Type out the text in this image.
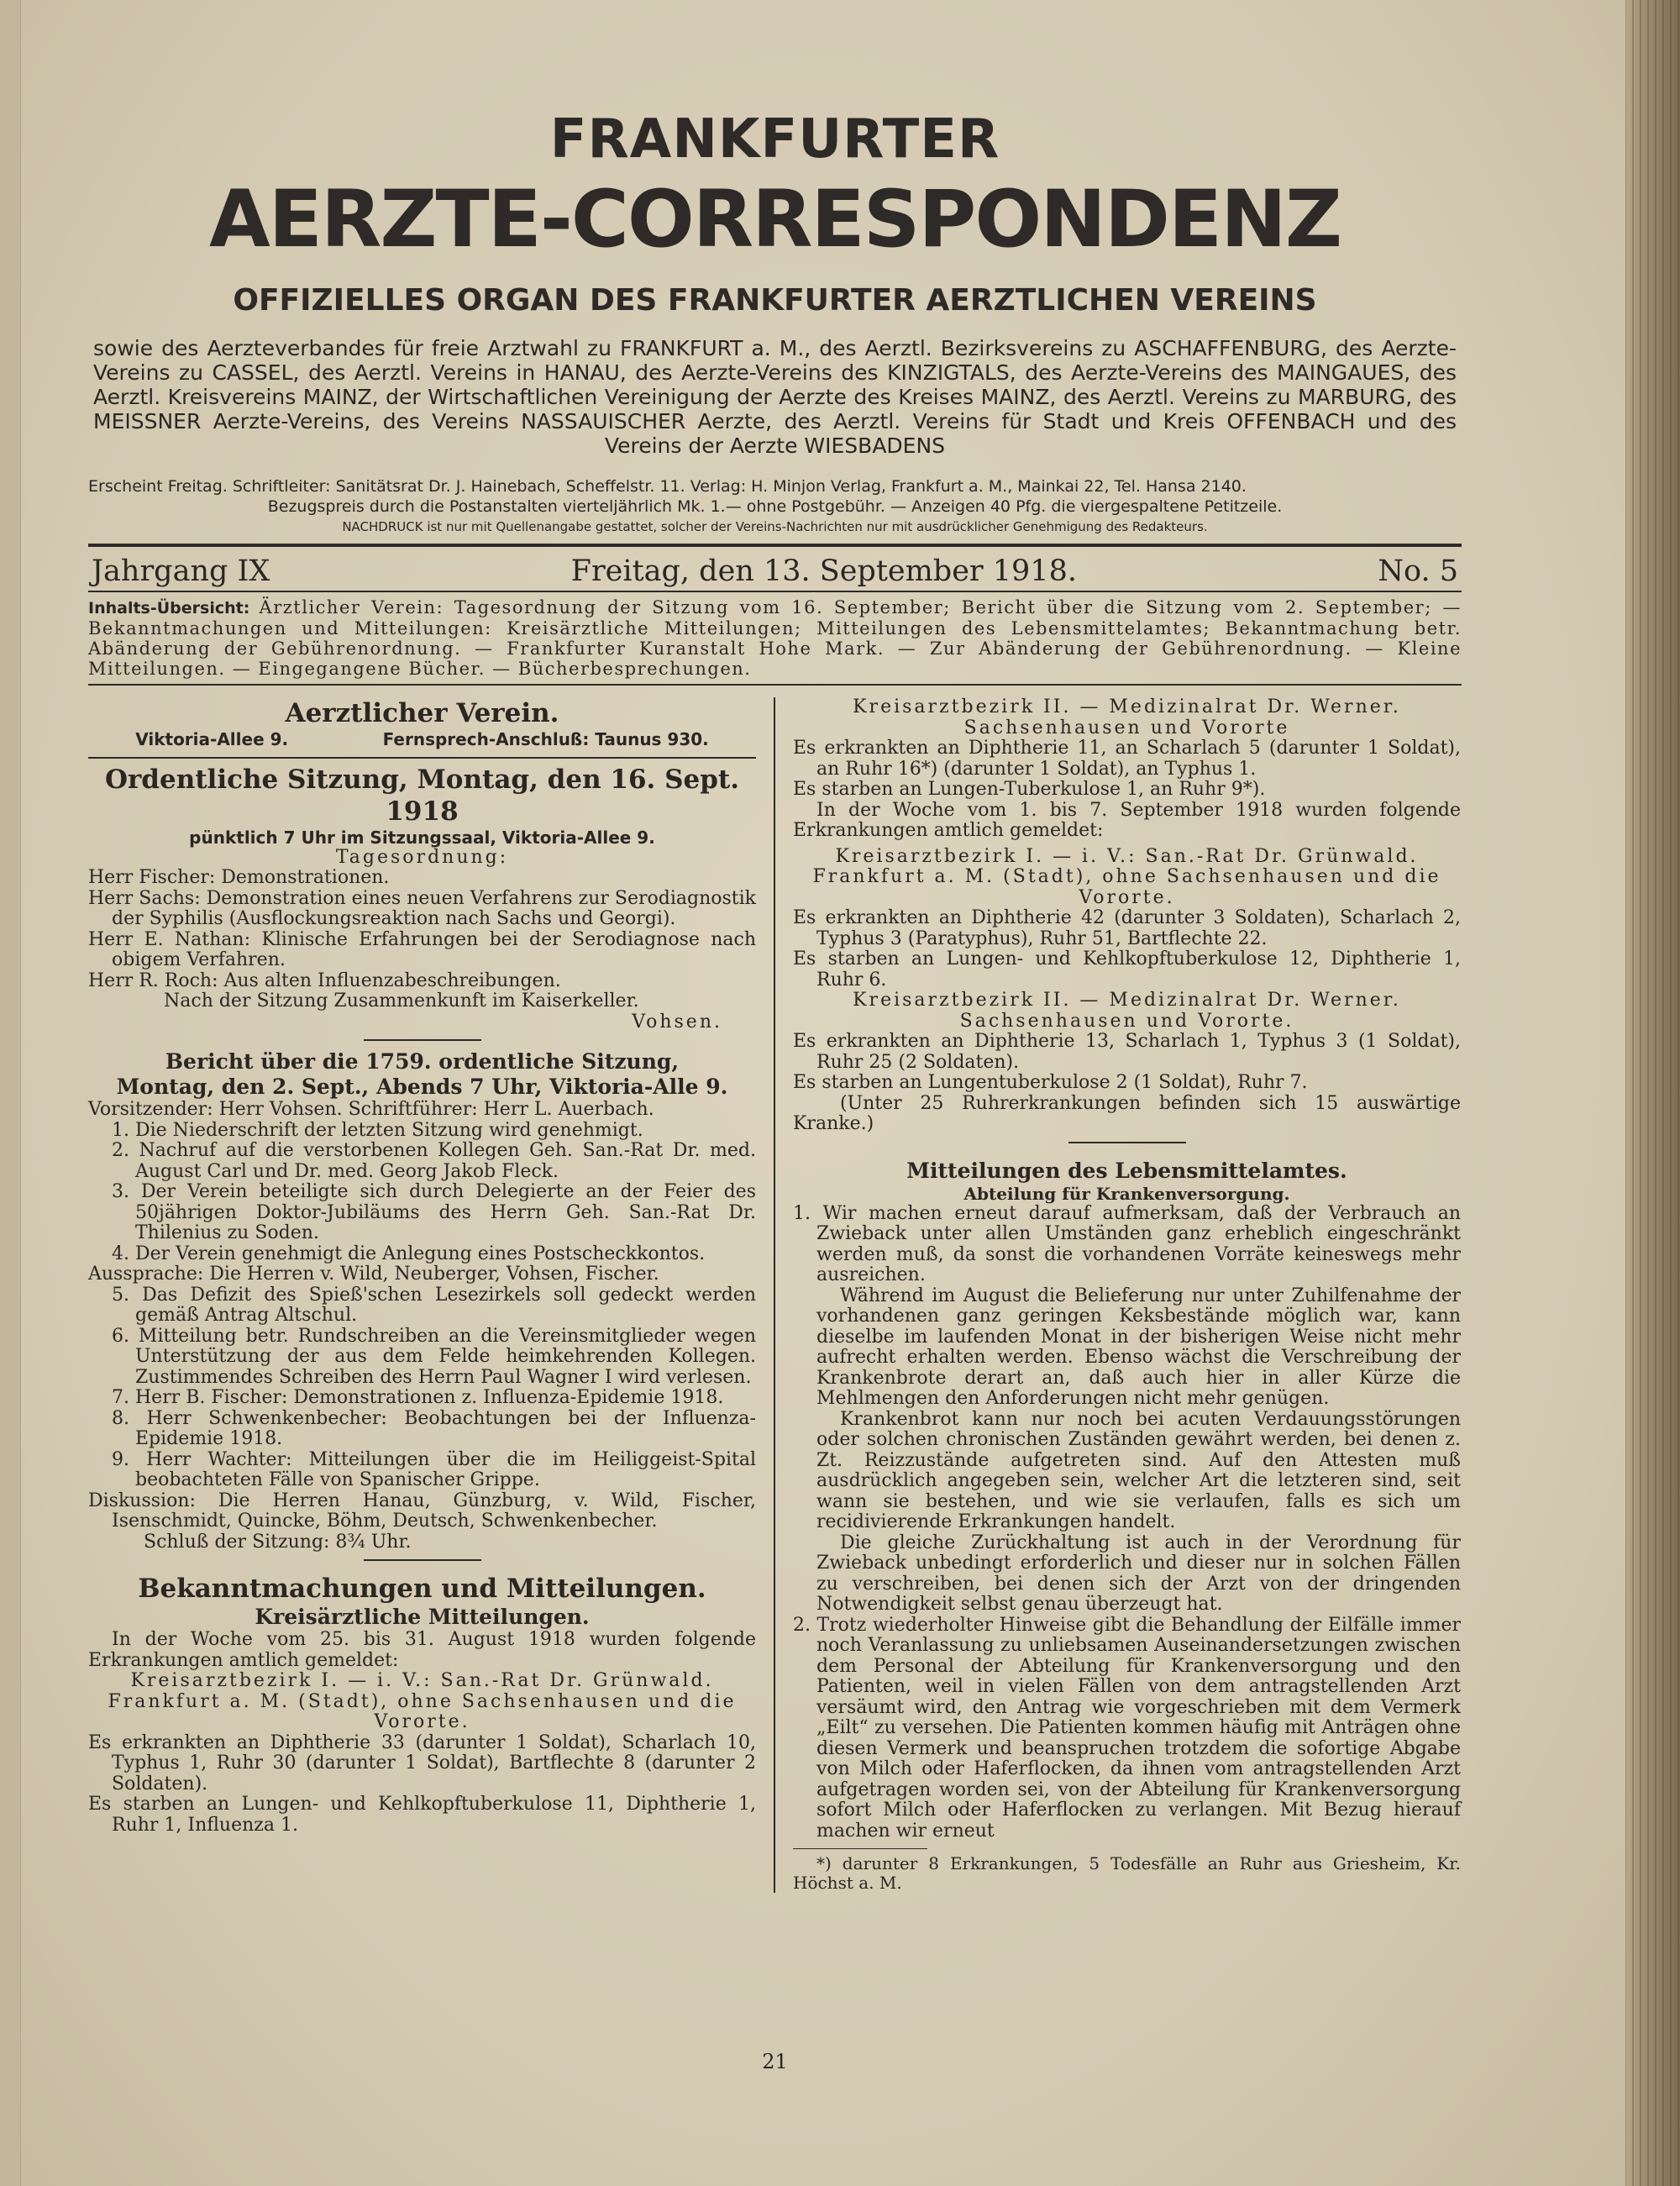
FRANKFURTER
AERZTE-CORRESPONDENZ
OFFIZIELLES ORGAN DES FRANKFURTER AERZTLICHEN VEREINS
sowie des Aerzteverbandes für freie Arztwahl zu FRANKFURT a. M., des Aerztl. Bezirksvereins zu ASCHAFFENBURG, des Aerzte-Vereins zu CASSEL, des Aerztl. Vereins in HANAU, des Aerzte-Vereins des KINZIGTALS, des Aerzte-Vereins des MAINGAUES, des Aerztl. Kreisvereins MAINZ, der Wirtschaftlichen Vereinigung der Aerzte des Kreises MAINZ, des Aerztl. Vereins zu MARBURG, des MEISSNER Aerzte-Vereins, des Vereins NASSAUISCHER Aerzte, des Aerztl. Vereins für Stadt und Kreis OFFENBACH und des Vereins der Aerzte WIESBADENS
Erscheint Freitag. Schriftleiter: Sanitätsrat Dr. J. Hainebach, Scheffelstr. 11. Verlag: H. Minjon Verlag, Frankfurt a. M., Mainkai 22, Tel. Hansa 2140.
Bezugspreis durch die Postanstalten vierteljährlich Mk. 1.— ohne Postgebühr. — Anzeigen 40 Pfg. die viergespaltene Petitzeile.
NACHDRUCK ist nur mit Quellenangabe gestattet, solcher der Vereins-Nachrichten nur mit ausdrücklicher Genehmigung des Redakteurs.
Jahrgang IX	Freitag, den 13. September 1918.	No. 5
Inhalts-Übersicht: Ärztlicher Verein: Tagesordnung der Sitzung vom 16. September; Bericht über die Sitzung vom 2. September; — Bekanntmachungen und Mitteilungen: Kreisärztliche Mitteilungen; Mitteilungen des Lebensmittelamtes; Bekanntmachung betr. Abänderung der Gebührenordnung. — Frankfurter Kuranstalt Hohe Mark. — Zur Abänderung der Gebührenordnung. — Kleine Mitteilungen. — Eingegangene Bücher. — Bücherbesprechungen.
Aerztlicher Verein.
Viktoria-Allee 9.	Fernsprech-Anschluß: Taunus 930.
Ordentliche Sitzung, Montag, den 16. Sept. 1918
pünktlich 7 Uhr im Sitzungssaal, Viktoria-Allee 9.
Tagesordnung:
Herr Fischer: Demonstrationen.
Herr Sachs: Demonstration eines neuen Verfahrens zur Serodiagnostik der Syphilis (Ausflockungsreaktion nach Sachs und Georgi).
Herr E. Nathan: Klinische Erfahrungen bei der Serodiagnose nach obigem Verfahren.
Herr R. Roch: Aus alten Influenzabeschreibungen.
Nach der Sitzung Zusammenkunft im Kaiserkeller.
Vohsen.
Bericht über die 1759. ordentliche Sitzung,
Montag, den 2. Sept., Abends 7 Uhr, Viktoria-Alle 9.
Vorsitzender: Herr Vohsen. Schriftführer: Herr L. Auerbach.
1. Die Niederschrift der letzten Sitzung wird genehmigt.
2. Nachruf auf die verstorbenen Kollegen Geh. San.-Rat Dr. med. August Carl und Dr. med. Georg Jakob Fleck.
3. Der Verein beteiligte sich durch Delegierte an der Feier des 50jährigen Doktor-Jubiläums des Herrn Geh. San.-Rat Dr. Thilenius zu Soden.
4. Der Verein genehmigt die Anlegung eines Postscheckkontos.
Aussprache: Die Herren v. Wild, Neuberger, Vohsen, Fischer.
5. Das Defizit des Spieß'schen Lesezirkels soll gedeckt werden gemäß Antrag Altschul.
6. Mitteilung betr. Rundschreiben an die Vereinsmitglieder wegen Unterstützung der aus dem Felde heimkehrenden Kollegen. Zustimmendes Schreiben des Herrn Paul Wagner I wird verlesen.
7. Herr B. Fischer: Demonstrationen z. Influenza-Epidemie 1918.
8. Herr Schwenkenbecher: Beobachtungen bei der Influenza-Epidemie 1918.
9. Herr Wachter: Mitteilungen über die im Heiliggeist-Spital beobachteten Fälle von Spanischer Grippe.
Diskussion: Die Herren Hanau, Günzburg, v. Wild, Fischer, Isenschmidt, Quincke, Böhm, Deutsch, Schwenkenbecher.
Schluß der Sitzung: 8¾ Uhr.
Bekanntmachungen und Mitteilungen.
Kreisärztliche Mitteilungen.
In der Woche vom 25. bis 31. August 1918 wurden folgende Erkrankungen amtlich gemeldet:
Kreisarztbezirk I. — i. V.: San.-Rat Dr. Grünwald.
Frankfurt a. M. (Stadt), ohne Sachsenhausen und die Vororte.
Es erkrankten an Diphtherie 33 (darunter 1 Soldat), Scharlach 10, Typhus 1, Ruhr 30 (darunter 1 Soldat), Bartflechte 8 (darunter 2 Soldaten).
Es starben an Lungen- und Kehlkopftuberkulose 11, Diphtherie 1, Ruhr 1, Influenza 1.
Kreisarztbezirk II. — Medizinalrat Dr. Werner.
Sachsenhausen und Vororte
Es erkrankten an Diphtherie 11, an Scharlach 5 (darunter 1 Soldat), an Ruhr 16*) (darunter 1 Soldat), an Typhus 1.
Es starben an Lungen-Tuberkulose 1, an Ruhr 9*).
In der Woche vom 1. bis 7. September 1918 wurden folgende Erkrankungen amtlich gemeldet:
Kreisarztbezirk I. — i. V.: San.-Rat Dr. Grünwald.
Frankfurt a. M. (Stadt), ohne Sachsenhausen und die Vororte.
Es erkrankten an Diphtherie 42 (darunter 3 Soldaten), Scharlach 2, Typhus 3 (Paratyphus), Ruhr 51, Bartflechte 22.
Es starben an Lungen- und Kehlkopftuberkulose 12, Diphtherie 1, Ruhr 6.
Kreisarztbezirk II. — Medizinalrat Dr. Werner.
Sachsenhausen und Vororte.
Es erkrankten an Diphtherie 13, Scharlach 1, Typhus 3 (1 Soldat), Ruhr 25 (2 Soldaten).
Es starben an Lungentuberkulose 2 (1 Soldat), Ruhr 7.
(Unter 25 Ruhrerkrankungen befinden sich 15 auswärtige Kranke.)
Mitteilungen des Lebensmittelamtes.
Abteilung für Krankenversorgung.
1. Wir machen erneut darauf aufmerksam, daß der Verbrauch an Zwieback unter allen Umständen ganz erheblich eingeschränkt werden muß, da sonst die vorhandenen Vorräte keineswegs mehr ausreichen.
Während im August die Belieferung nur unter Zuhilfenahme der vorhandenen ganz geringen Keksbestände möglich war, kann dieselbe im laufenden Monat in der bisherigen Weise nicht mehr aufrecht erhalten werden. Ebenso wächst die Verschreibung der Krankenbrote derart an, daß auch hier in aller Kürze die Mehlmengen den Anforderungen nicht mehr genügen.
Krankenbrot kann nur noch bei acuten Verdauungsstörungen oder solchen chronischen Zuständen gewährt werden, bei denen z. Zt. Reizzustände aufgetreten sind. Auf den Attesten muß ausdrücklich angegeben sein, welcher Art die letzteren sind, seit wann sie bestehen, und wie sie verlaufen, falls es sich um recidivierende Erkrankungen handelt.
Die gleiche Zurückhaltung ist auch in der Verordnung für Zwieback unbedingt erforderlich und dieser nur in solchen Fällen zu verschreiben, bei denen sich der Arzt von der dringenden Notwendigkeit selbst genau überzeugt hat.
2. Trotz wiederholter Hinweise gibt die Behandlung der Eilfälle immer noch Veranlassung zu unliebsamen Auseinandersetzungen zwischen dem Personal der Abteilung für Krankenversorgung und den Patienten, weil in vielen Fällen von dem antragstellenden Arzt versäumt wird, den Antrag wie vorgeschrieben mit dem Vermerk „Eilt“ zu versehen. Die Patienten kommen häufig mit Anträgen ohne diesen Vermerk und beanspruchen trotzdem die sofortige Abgabe von Milch oder Haferflocken, da ihnen vom antragstellenden Arzt aufgetragen worden sei, von der Abteilung für Krankenversorgung sofort Milch oder Haferflocken zu verlangen. Mit Bezug hierauf machen wir erneut
*) darunter 8 Erkrankungen, 5 Todesfälle an Ruhr aus Griesheim, Kr. Höchst a. M.
21
